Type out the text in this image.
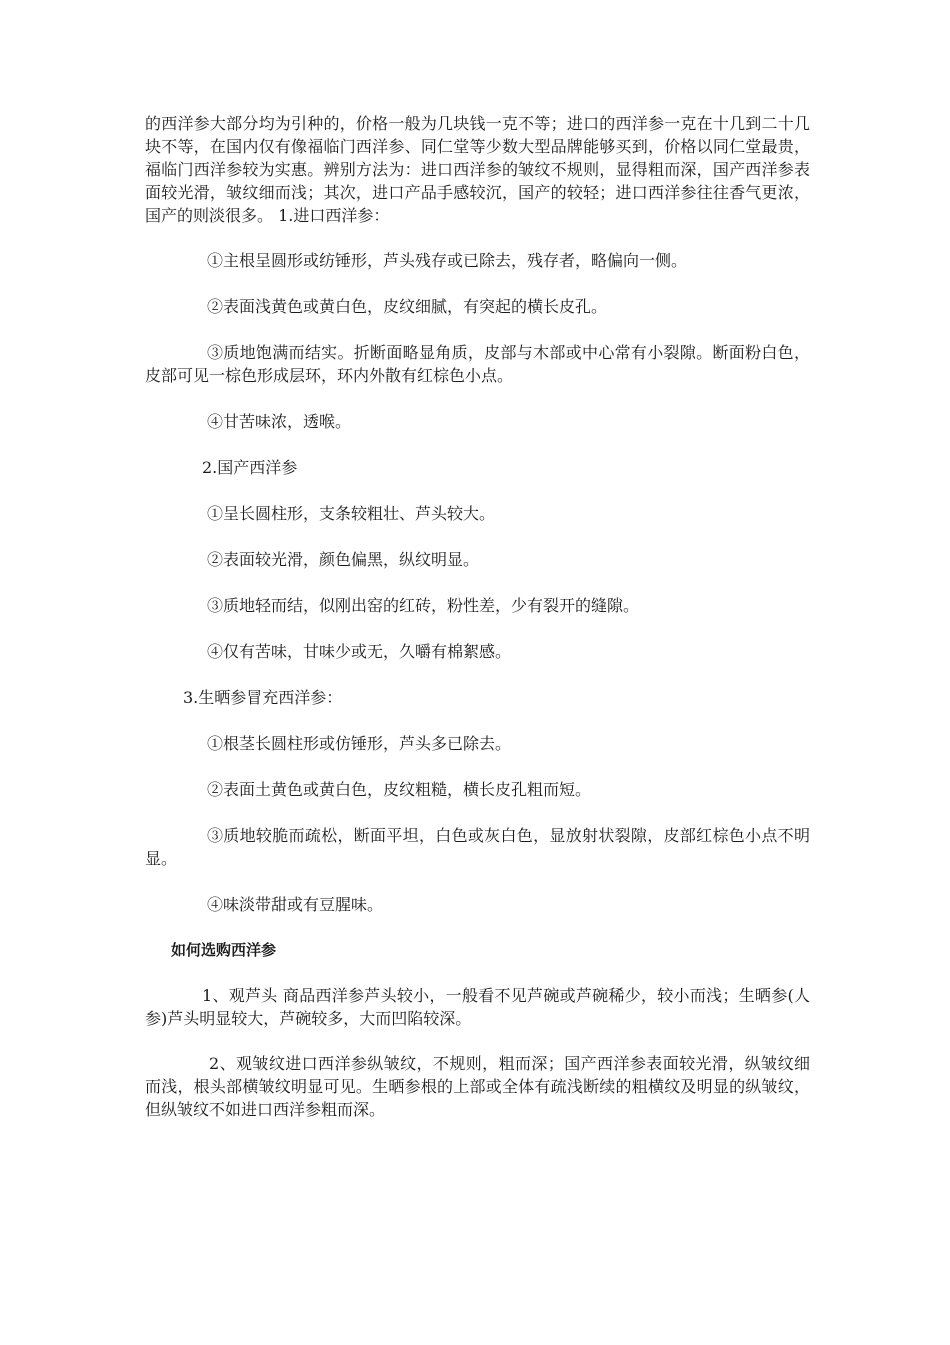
的西洋参大部分均为引种的，价格一般为几块钱一克不等；进口的西洋参一克在十几到二十几块不等，在国内仅有像福临门西洋参、同仁堂等少数大型品牌能够买到，价格以同仁堂最贵，福临门西洋参较为实惠。辨别方法为：进口西洋参的皱纹不规则，显得粗而深，国产西洋参表面较光滑，皱纹细而浅；其次，进口产品手感较沉，国产的较轻；进口西洋参往往香气更浓，国产的则淡很多。 1.进口西洋参：

①主根呈圆形或纺锤形，芦头残存或已除去，残存者，略偏向一侧。

②表面浅黄色或黄白色，皮纹细腻，有突起的横长皮孔。

③质地饱满而结实。折断面略显角质，皮部与木部或中心常有小裂隙。断面粉白色，皮部可见一棕色形成层环，环内外散有红棕色小点。

④甘苦味浓，透喉。

2.国产西洋参

①呈长圆柱形，支条较粗壮、芦头较大。

②表面较光滑，颜色偏黑，纵纹明显。

③质地轻而结，似刚出窑的红砖，粉性差，少有裂开的缝隙。

④仅有苦味，甘味少或无，久嚼有棉絮感。

3.生晒参冒充西洋参：

①根茎长圆柱形或仿锤形，芦头多已除去。

②表面土黄色或黄白色，皮纹粗糙，横长皮孔粗而短。

③质地较脆而疏松，断面平坦，白色或灰白色，显放射状裂隙，皮部红棕色小点不明显。

④味淡带甜或有豆腥味。

如何选购西洋参

1、观芦头 商品西洋参芦头较小，一般看不见芦碗或芦碗稀少，较小而浅；生晒参(人参)芦头明显较大，芦碗较多，大而凹陷较深。

2、观皱纹进口西洋参纵皱纹，不规则，粗而深；国产西洋参表面较光滑，纵皱纹细而浅，根头部横皱纹明显可见。生晒参根的上部或全体有疏浅断续的粗横纹及明显的纵皱纹，但纵皱纹不如进口西洋参粗而深。
